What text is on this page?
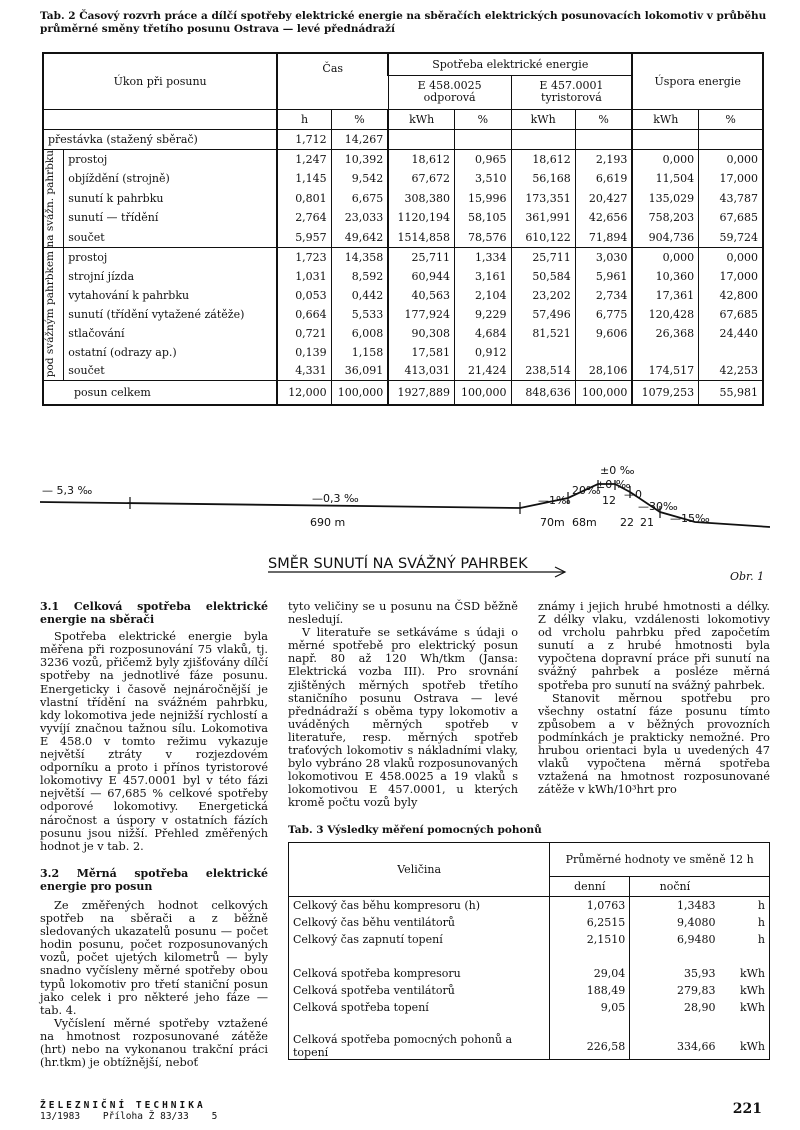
Tab. 2 Časový rozvrh práce a dílčí spotřeby elektrické energie na sběračích elektrických posunovacích lokomotiv v průběhu průměrné směny třetího posunu Ostrava — levé přednádraží
Úkon při posunu		Čas		Spotřeba elektrické energie				Úspora energie	
				E 458.0025 odporová		E 457.0001 tyristorová			
		h	%	kWh	%	kWh	%	kWh	%
přestávka (stažený sběrač)		1,712	14,267						

na svážn. pahrbku	prostoj	1,247	10,392	18,612	0,965	18,612	2,193	0,000	0,000
	objíždění (strojně)	1,145	9,542	67,672	3,510	56,168	6,619	11,504	17,000
	sunutí k pahrbku	0,801	6,675	308,380	15,996	173,351	20,427	135,029	43,787
	sunutí — třídění	2,764	23,033	1120,194	58,105	361,991	42,656	758,203	67,685
	součet	5,957	49,642	1514,858	78,576	610,122	71,894	904,736	59,724

pod svážným pahrbkem	prostoj	1,723	14,358	25,711	1,334	25,711	3,030	0,000	0,000
	strojní jízda	1,031	8,592	60,944	3,161	50,584	5,961	10,360	17,000
	vytahování k pahrbku	0,053	0,442	40,563	2,104	23,202	2,734	17,361	42,800
	sunutí (třídění vytažené zátěže)	0,664	5,533	177,924	9,229	57,496	6,775	120,428	67,685
	stlačování	0,721	6,008	90,308	4,684	81,521	9,606	26,368	24,440
	ostatní (odrazy ap.)	0,139	1,158	17,581	0,912				
	součet	4,331	36,091	413,031	21,424	238,514	28,106	174,517	42,253
posun celkem		12,000	100,000	1927,889	100,000	848,636	100,000	1079,253	55,981
— 5,3 ‰
—0,3 ‰
690 m
—1‰
20‰
±0 ‰
±0 ‰
—0
—30‰
—15‰
70m 68m
12
22 21
SMĚR SUNUTÍ NA SVÁŽNÝ PAHRBEK
Obr. 1
3.1 Celková spotřeba elektrické energie na sběrači

Spotřeba elektrické energie byla měřena při rozposunování 75 vlaků, tj. 3236 vozů, přičemž byly zjišťovány dílčí spotřeby na jednotlivé fáze posunu. Energeticky i časově nejnáročnější je vlastní třídění na svážném pahrbku, kdy lokomotiva jede nejnižší rychlostí a vyvíjí značnou tažnou sílu. Lokomotiva E 458.0 v tomto režimu vykazuje největší ztráty v rozjezdovém odporníku a proto i přínos tyristorové lokomotivy E 457.0001 byl v této fázi největší — 67,685 % celkové spotřeby odporové lokomotivy. Energetická náročnost a úspory v ostatních fázích posunu jsou nižší. Přehled změřených hodnot je v tab. 2.

3.2 Měrná spotřeba elektrické energie pro posun

Ze změřených hodnot celkových spotřeb na sběrači a z běžně sledovaných ukazatelů posunu — počet hodin posunu, počet rozposunovaných vozů, počet ujetých kilometrů — byly snadno vyčísleny měrné spotřeby obou typů lokomotiv pro třetí staniční posun jako celek i pro některé jeho fáze — tab. 4.

Vyčíslení měrné spotřeby vztažené na hmotnost rozposunované zátěže (hrt) nebo na vykonanou trakční práci (hr.tkm) je obtížnější, neboť

tyto veličiny se u posunu na ČSD běžně nesledují.

V literatuře se setkáváme s údaji o měrné spotřebě pro elektrický posun např. 80 až 120 Wh/tkm (Jansa: Elektrická vozba III). Pro srovnání zjištěných měrných spotřeb třetího staničního posunu Ostrava — levé přednádraží s oběma typy lokomotiv a uváděných měrných spotřeb v literatuře, resp. měrných spotřeb traťových lokomotiv s nákladními vlaky, bylo vybráno 28 vlaků rozposunovaných lokomotivou E 458.0025 a 19 vlaků s lokomotivou E 457.0001, u kterých kromě počtu vozů byly

známy i jejich hrubé hmotnosti a délky. Z délky vlaku, vzdálenosti lokomotivy od vrcholu pahrbku před započetím sunutí a z hrubé hmotnosti byla vypočtena dopravní práce při sunutí na svážný pahrbek a posléze měrná spotřeba pro sunutí na svážný pahrbek.

Stanovit měrnou spotřebu pro všechny ostatní fáze posunu tímto způsobem a v běžných provozních podmínkách je prakticky nemožné. Pro hrubou orientaci byla u uvedených 47 vlaků vypočtena měrná spotřeba vztažená na hmotnost rozposunované zátěže v kWh/10³hrt pro

Tab. 3 Výsledky měření pomocných pohonů
Veličina	Průměrné hodnoty ve směně 12 h		
	denní	noční	
Celkový čas běhu kompresoru (h)	1,0763	1,3483	h
Celkový čas běhu ventilátorů	6,2515	9,4080	h
Celkový čas zapnutí topení	2,1510	6,9480	h

Celková spotřeba kompresoru	29,04	35,93	kWh
Celková spotřeba ventilátorů	188,49	279,83	kWh
Celková spotřeba topení	9,05	28,90	kWh

Celková spotřeba pomocných pohonů a topení	226,58	334,66	kWh
ŽELEZNIČNÍ TECHNIKA
13/1983    Příloha Ž 83/33    5	221
